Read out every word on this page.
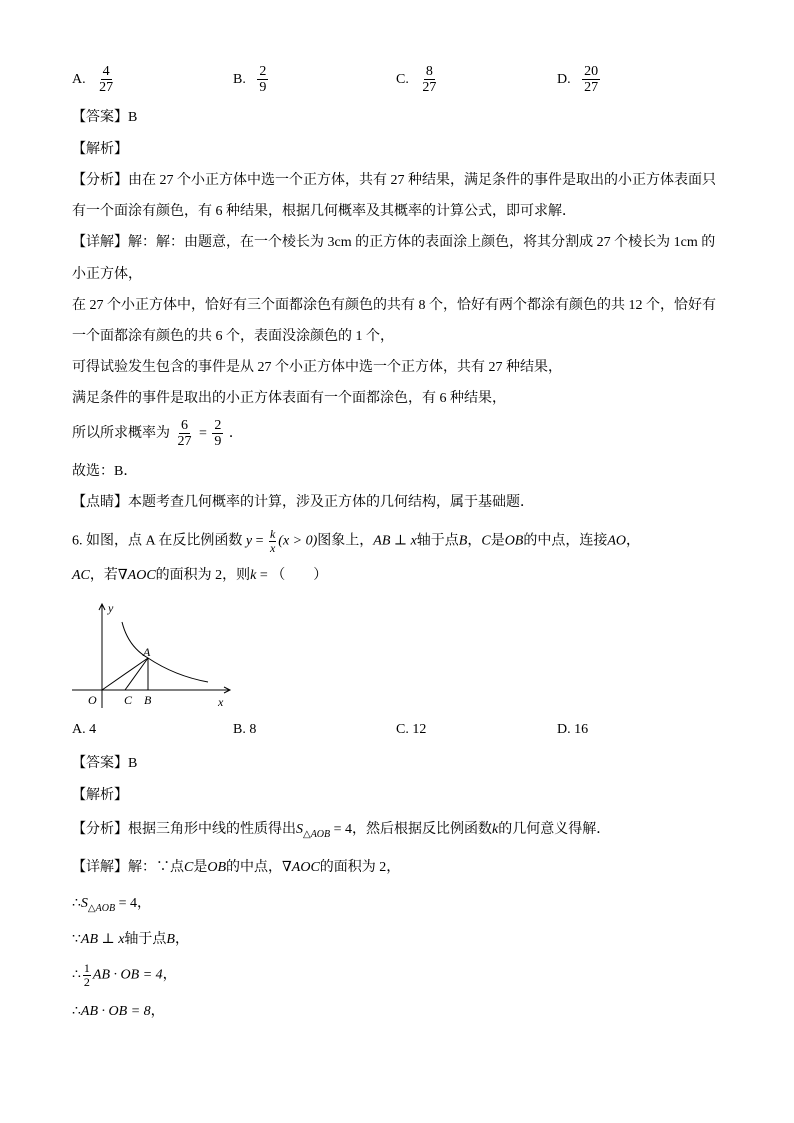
A. $\frac{4}{27}$	B. $\frac{2}{9}$	C. $\frac{8}{27}$	D. $\frac{20}{27}$
【答案】B
【解析】
【分析】由在 27 个小正方体中选一个正方体，共有 27 种结果，满足条件的事件是取出的小正方体表面只
有一个面涂有颜色，有 6 种结果，根据几何概率及其概率的计算公式，即可求解．
【详解】解：解：由题意，在一个棱长为 3cm 的正方体的表面涂上颜色，将其分割成 27 个棱长为 1cm 的
小正方体，
在 27 个小正方体中，恰好有三个面都涂色有颜色的共有 8 个，恰好有两个都涂有颜色的共 12 个，恰好有
一个面都涂有颜色的共 6 个，表面没涂颜色的 1 个，
可得试验发生包含的事件是从 27 个小正方体中选一个正方体，共有 27 种结果，
满足条件的事件是取出的小正方体表面有一个面都涂色，有 6 种结果，
所以所求概率为 $\frac{6}{27} = \frac{2}{9}$ ．
故选：B．
【点睛】本题考查几何概率的计算，涉及正方体的几何结构，属于基础题．
6. 如图，点 A 在反比例函数 $y = \frac{k}{x} (x > 0)$图象上，AB ⊥ x轴于点B，C是OB的中点，连接AO，
AC，若∇AOC的面积为 2，则k = （　　）
y
x
O
A
B
C
A. 4	B. 8	C. 12	D. 16
【答案】B
【解析】
【分析】根据三角形中线的性质得出$S_{\triangle AOB} = 4$，然后根据反比例函数k的几何意义得解．
【详解】解：∵点C是OB的中点，∇AOC的面积为 2，
$\therefore S_{\triangle AOB} = 4$，
∵AB ⊥ x轴于点B，
∴ $\frac{1}{2}$ AB · OB = 4，
∴AB · OB = 8，
